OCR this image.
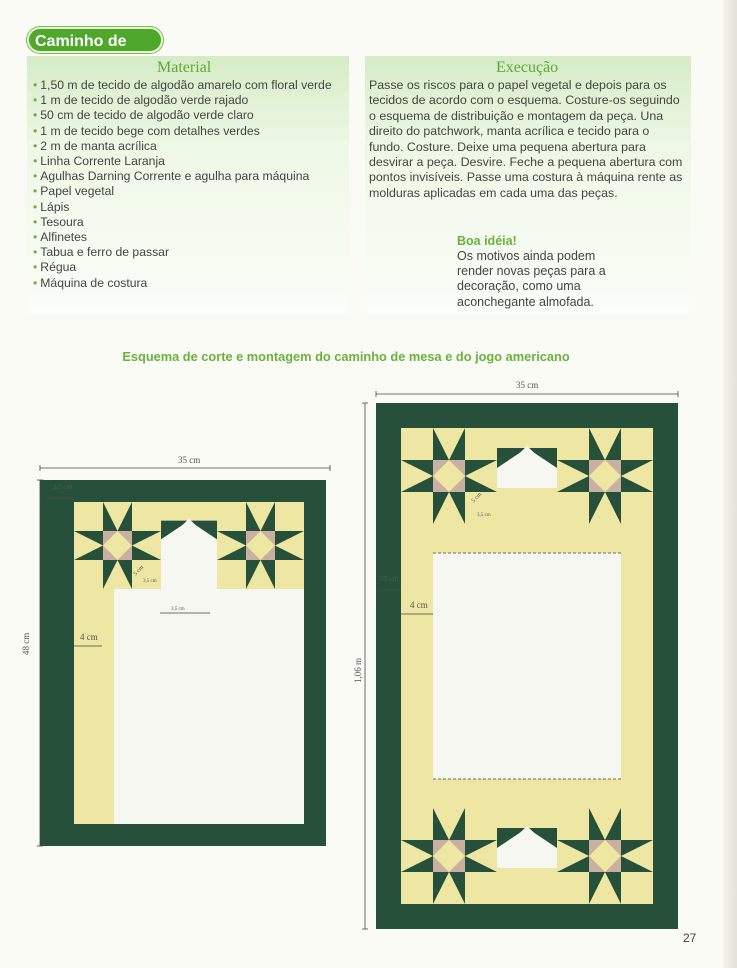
Caminho de
Material
• 1,50 m de tecido de algodão amarelo com floral verde
• 1 m de tecido de algodão verde rajado
• 50 cm de tecido de algodão verde claro
• 1 m de tecido bege com detalhes verdes
• 2 m de manta acrílica
• Linha Corrente Laranja
• Agulhas Darning Corrente e agulha para máquina
• Papel vegetal
• Lápis
• Tesoura
• Alfinetes
• Tabua e ferro de passar
• Régua
• Máquina de costura
Execução
Passe os riscos para o papel vegetal e depois para os tecidos de acordo com o esquema. Costure-os seguindo o esquema de distribuição e montagem da peça. Una direito do patchwork, manta acrílica e tecido para o fundo. Costure. Deixe uma pequena abertura para desvirar a peça. Desvire. Feche a pequena abertura com pontos invisíveis. Passe uma costura à máquina rente as molduras aplicadas em cada uma das peças.
Boa idéia!
Os motivos ainda podem render novas peças para a decoração, como uma aconchegante almofada.
Esquema de corte e montagem do caminho de mesa e do jogo americano
35 cm
48 cm
3,5 cm
4 cm
5 cm
3,5 cm
3,5 cm
35 cm
1,06 m
3,5 cm
4 cm
5 cm
3,5 cm
27
